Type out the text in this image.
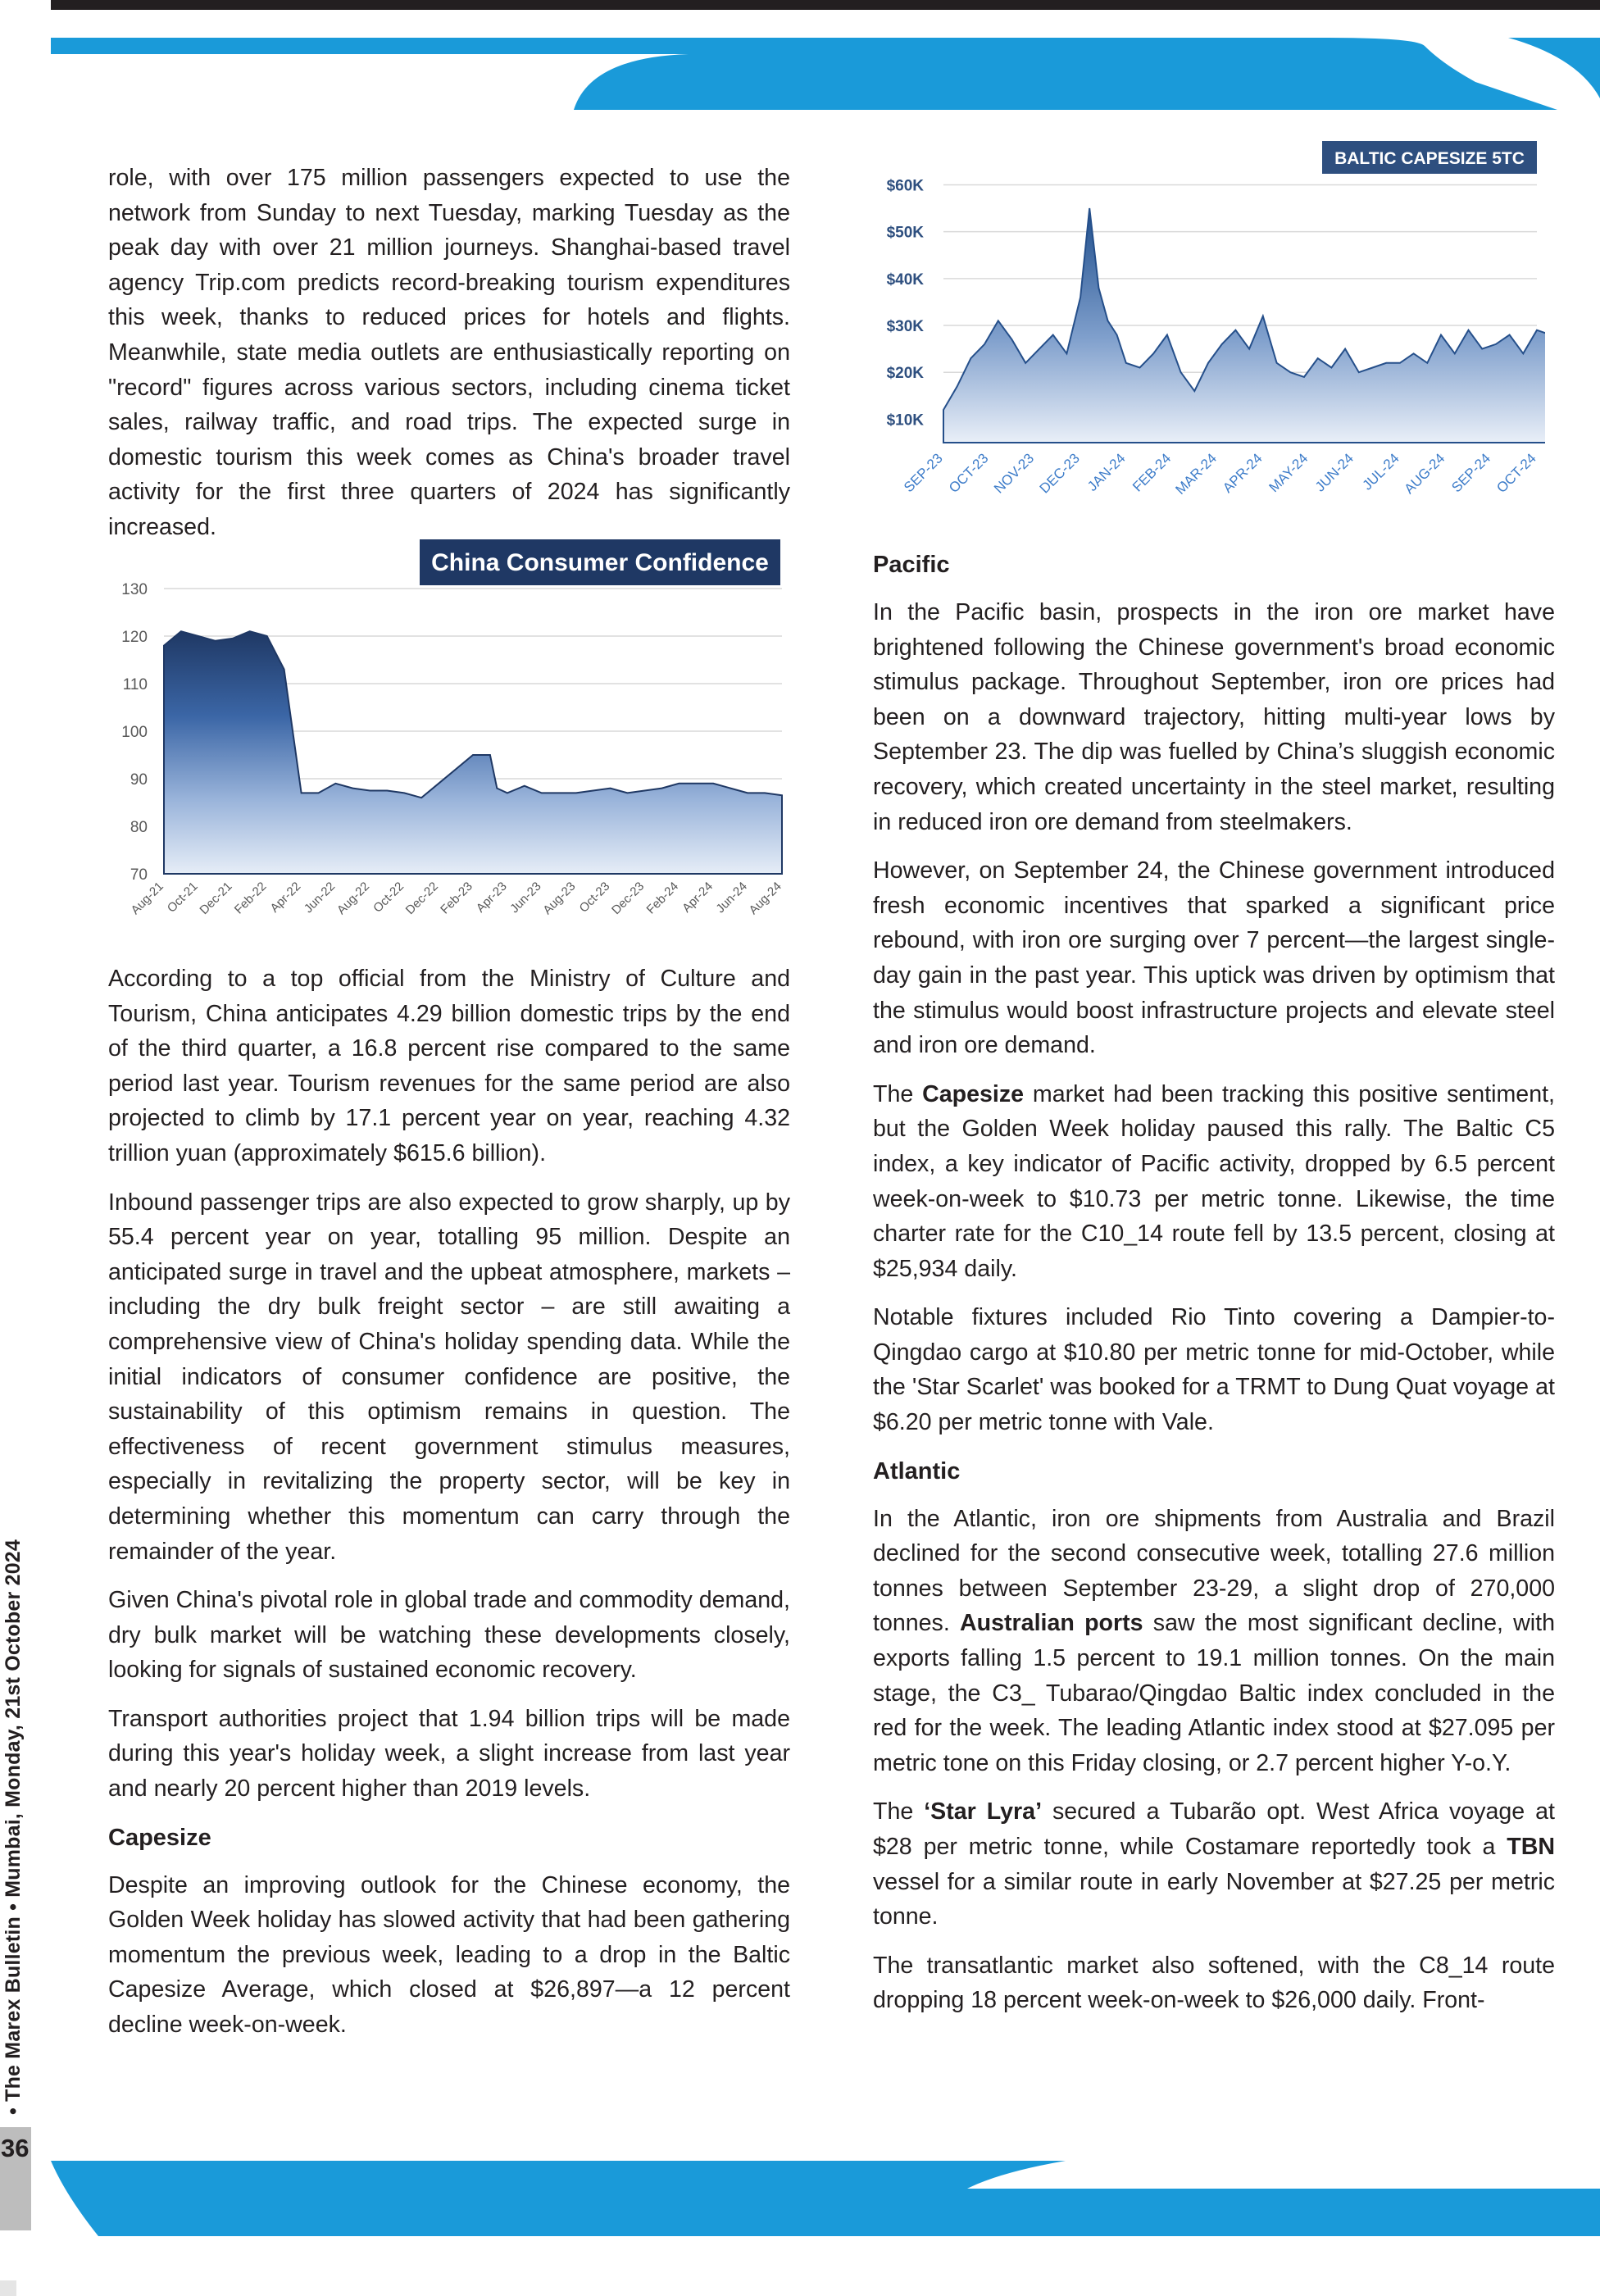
36
• The Marex Bulletin • Mumbai, Monday, 21st October 2024
BALTIC CAPESIZE 5TC
$60K
$50K
$40K
$30K
$20K
$10K
SEP-23 OCT-23 NOV-23 DEC-23 JAN-24 FEB-24
MAR-24 APR-24 MAY-24 JUN-24 JUL-24
AUG-24 SEP-24 OCT-24
China Consumer Confidence
130
120
110
100
90
80
70
Aug-21
Oct-21
Dec-21
Feb-22
Apr-22
Jun-22
Aug-22
Oct-22
Dec-22
Feb-23
Apr-23
Jun-23
Aug-23
Oct-23
Dec-23
Feb-24
Apr-24
Jun-24
Aug-24

role, with over 175 million passengers expected to use the network from Sunday to next Tuesday, marking Tuesday as the peak day with over 21 million journeys. Shanghai-based travel agency Trip.com predicts record-breaking tourism expenditures this week, thanks to reduced prices for hotels and flights. Meanwhile, state media outlets are enthusiastically reporting on "record" figures across various sectors, including cinema ticket sales, railway traffic, and road trips. The expected surge in domestic tourism this week comes as China's broader travel activity for the first three quarters of 2024 has significantly increased.

According to a top official from the Ministry of Culture and Tourism, China anticipates 4.29 billion domestic trips by the end of the third quarter, a 16.8 percent rise compared to the same period last year. Tourism revenues for the same period are also projected to climb by 17.1 percent year on year, reaching 4.32 trillion yuan (approximately $615.6 billion).

Inbound passenger trips are also expected to grow sharply, up by 55.4 percent year on year, totalling 95 million. Despite an anticipated surge in travel and the upbeat atmosphere, markets – including the dry bulk freight sector – are still awaiting a comprehensive view of China's holiday spending data. While the initial indicators of consumer confidence are positive, the sustainability of this optimism remains in question. The effectiveness of recent government stimulus measures, especially in revitalizing the property sector, will be key in determining whether this momentum can carry through the remainder of the year.

Given China's pivotal role in global trade and commodity demand, dry bulk market will be watching these developments closely, looking for signals of sustained economic recovery.

Transport authorities project that 1.94 billion trips will be made during this year's holiday week, a slight increase from last year and nearly 20 percent higher than 2019 levels.

Capesize

Despite an improving outlook for the Chinese economy, the Golden Week holiday has slowed activity that had been gathering momentum the previous week, leading to a drop in the Baltic Capesize Average, which closed at $26,897—a 12 percent decline week-on-week.

Pacific

In the Pacific basin, prospects in the iron ore market have brightened following the Chinese government's broad economic stimulus package. Throughout September, iron ore prices had been on a downward trajectory, hitting multi-year lows by September 23. The dip was fuelled by China’s sluggish economic recovery, which created uncertainty in the steel market, resulting in reduced iron ore demand from steelmakers.

However, on September 24, the Chinese government introduced fresh economic incentives that sparked a significant price rebound, with iron ore surging over 7 percent—the largest single-day gain in the past year. This uptick was driven by optimism that the stimulus would boost infrastructure projects and elevate steel and iron ore demand.

The Capesize market had been tracking this positive sentiment, but the Golden Week holiday paused this rally. The Baltic C5 index, a key indicator of Pacific activity, dropped by 6.5 percent week-on-week to $10.73 per metric tonne. Likewise, the time charter rate for the C10_14 route fell by 13.5 percent, closing at $25,934 daily.

Notable fixtures included Rio Tinto covering a Dampier-to-Qingdao cargo at $10.80 per metric tonne for mid-October, while the 'Star Scarlet' was booked for a TRMT to Dung Quat voyage at $6.20 per metric tonne with Vale.

Atlantic

In the Atlantic, iron ore shipments from Australia and Brazil declined for the second consecutive week, totalling 27.6 million tonnes between September 23-29, a slight drop of 270,000 tonnes. Australian ports saw the most significant decline, with exports falling 1.5 percent to 19.1 million tonnes. On the main stage, the C3_ Tubarao/Qingdao Baltic index concluded in the red for the week. The leading Atlantic index stood at $27.095 per metric tone on this Friday closing, or 2.7 percent higher Y-o.Y.

The ‘Star Lyra’ secured a Tubarão opt. West Africa voyage at $28 per metric tonne, while Costamare reportedly took a TBN vessel for a similar route in early November at $27.25 per metric tonne.

The transatlantic market also softened, with the C8_14 route dropping 18 percent week-on-week to $26,000 daily. Front-
